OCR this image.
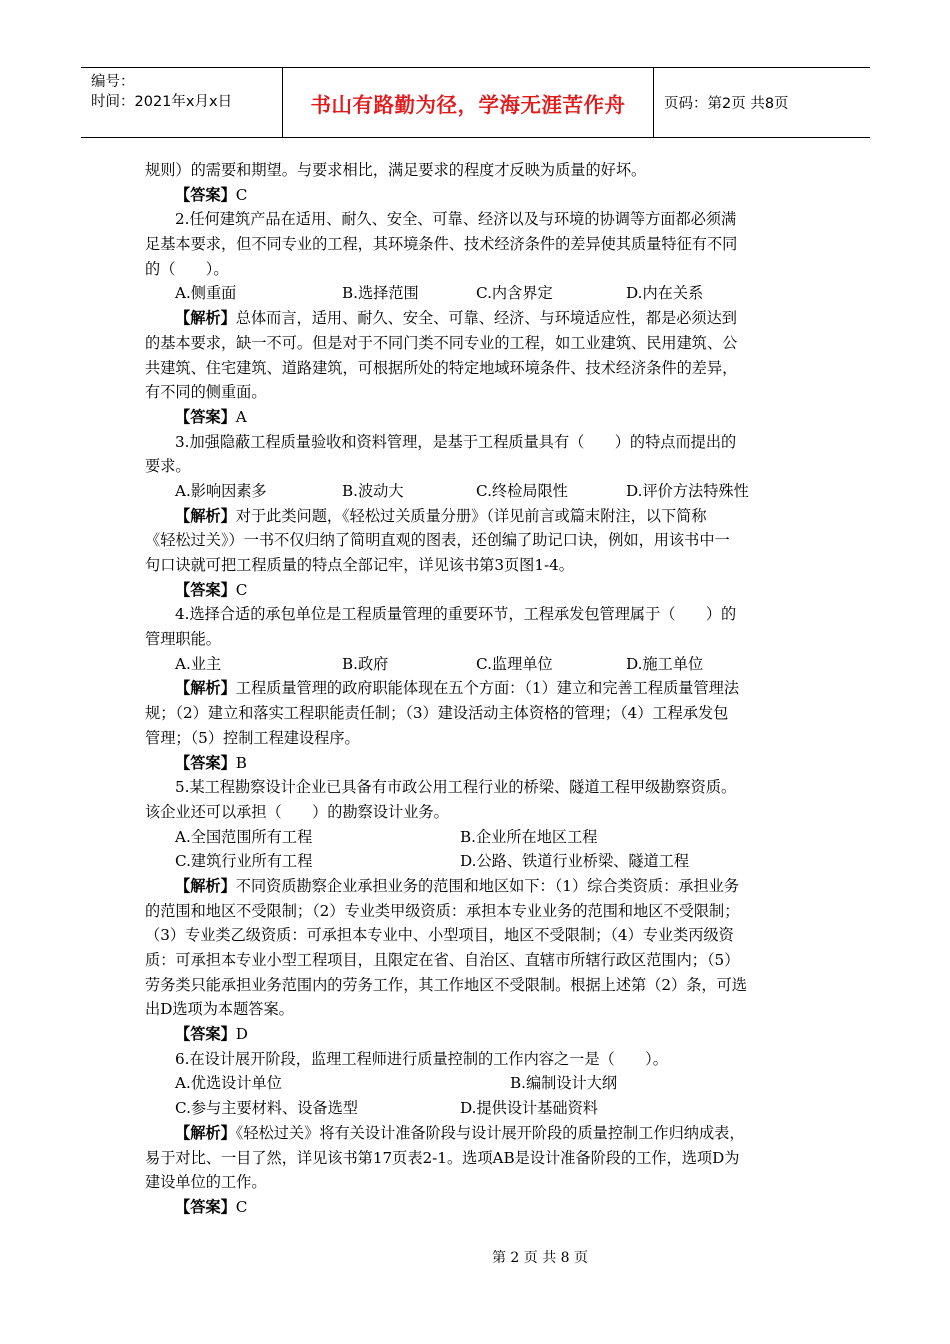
编号：
时间：2021年x月x日	书山有路勤为径，学海无涯苦作舟	页码：第2页 共8页
规则）的需要和期望。与要求相比，满足要求的程度才反映为质量的好坏。
【答案】C
2.任何建筑产品在适用、耐久、安全、可靠、经济以及与环境的协调等方面都必须满
足基本要求，但不同专业的工程，其环境条件、技术经济条件的差异使其质量特征有不同
的（　　）。
A.侧重面	B.选择范围	C.内含界定	D.内在关系
【解析】总体而言，适用、耐久、安全、可靠、经济、与环境适应性，都是必须达到
的基本要求，缺一不可。但是对于不同门类不同专业的工程，如工业建筑、民用建筑、公
共建筑、住宅建筑、道路建筑，可根据所处的特定地域环境条件、技术经济条件的差异，
有不同的侧重面。
【答案】A
3.加强隐蔽工程质量验收和资料管理，是基于工程质量具有（　　）的特点而提出的
要求。
A.影响因素多	B.波动大	C.终检局限性	D.评价方法特殊性
【解析】对于此类问题，《轻松过关质量分册》（详见前言或篇末附注，以下简称
《轻松过关》）一书不仅归纳了简明直观的图表，还创编了助记口诀，例如，用该书中一
句口诀就可把工程质量的特点全部记牢，详见该书第3页图1-4。
【答案】C
4.选择合适的承包单位是工程质量管理的重要环节，工程承发包管理属于（　　）的
管理职能。
A.业主	B.政府	C.监理单位	D.施工单位
【解析】工程质量管理的政府职能体现在五个方面：（1）建立和完善工程质量管理法
规；（2）建立和落实工程职能责任制；（3）建设活动主体资格的管理；（4）工程承发包
管理；（5）控制工程建设程序。
【答案】B
5.某工程勘察设计企业已具备有市政公用工程行业的桥梁、隧道工程甲级勘察资质。
该企业还可以承担（　　）的勘察设计业务。
A.全国范围所有工程	B.企业所在地区工程
C.建筑行业所有工程	D.公路、铁道行业桥梁、隧道工程
【解析】不同资质勘察企业承担业务的范围和地区如下：（1）综合类资质：承担业务
的范围和地区不受限制；（2）专业类甲级资质：承担本专业业务的范围和地区不受限制；
（3）专业类乙级资质：可承担本专业中、小型项目，地区不受限制；（4）专业类丙级资
质：可承担本专业小型工程项目，且限定在省、自治区、直辖市所辖行政区范围内；（5）
劳务类只能承担业务范围内的劳务工作，其工作地区不受限制。根据上述第（2）条，可选
出D选项为本题答案。
【答案】D
6.在设计展开阶段，监理工程师进行质量控制的工作内容之一是（　　）。
A.优选设计单位	B.编制设计大纲
C.参与主要材料、设备选型	D.提供设计基础资料
【解析】《轻松过关》将有关设计准备阶段与设计展开阶段的质量控制工作归纳成表，
易于对比、一目了然，详见该书第17页表2-1。选项AB是设计准备阶段的工作，选项D为
建设单位的工作。
【答案】C
第 2 页 共 8 页
